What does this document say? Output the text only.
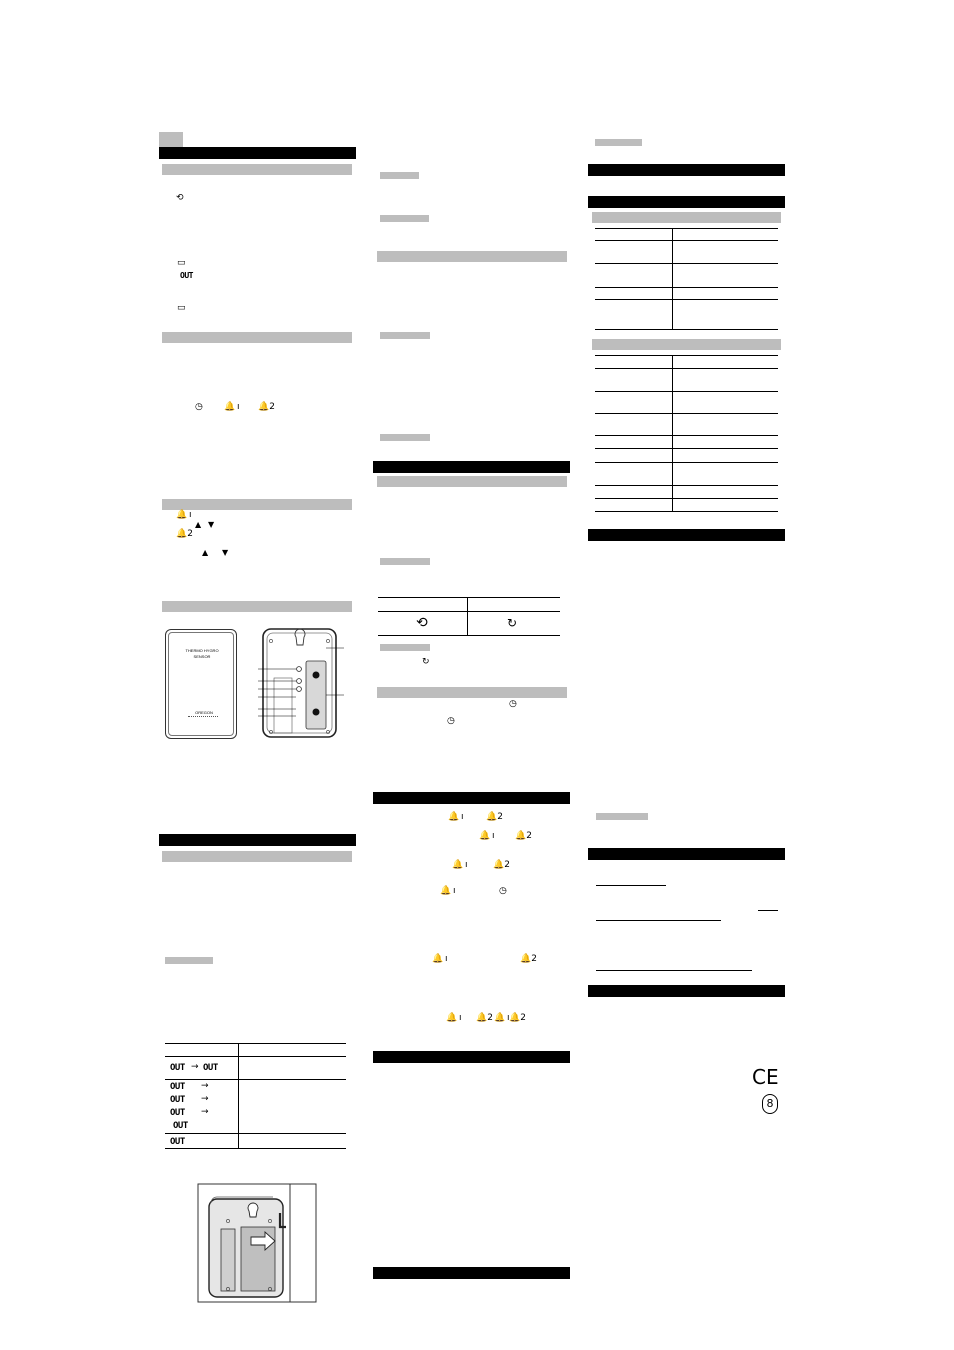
⟲
▭
OUT
▭
◷ 🔔 ı 🔔2
🔔 ı
▲ ▼
🔔2
▲ ▼
THERMO HYGRO
SENSOR
OREGON
OUT → OUT
OUT →
OUT →
OUT →
OUT
OUT
⟲	↻
↻
◷
◷
🔔 ı 🔔2
🔔 ı 🔔2
🔔 ı	🔔2
🔔 ı	◷
🔔 ı	🔔2
🔔 ı 🔔2 🔔 ı 🔔2
CE
8
